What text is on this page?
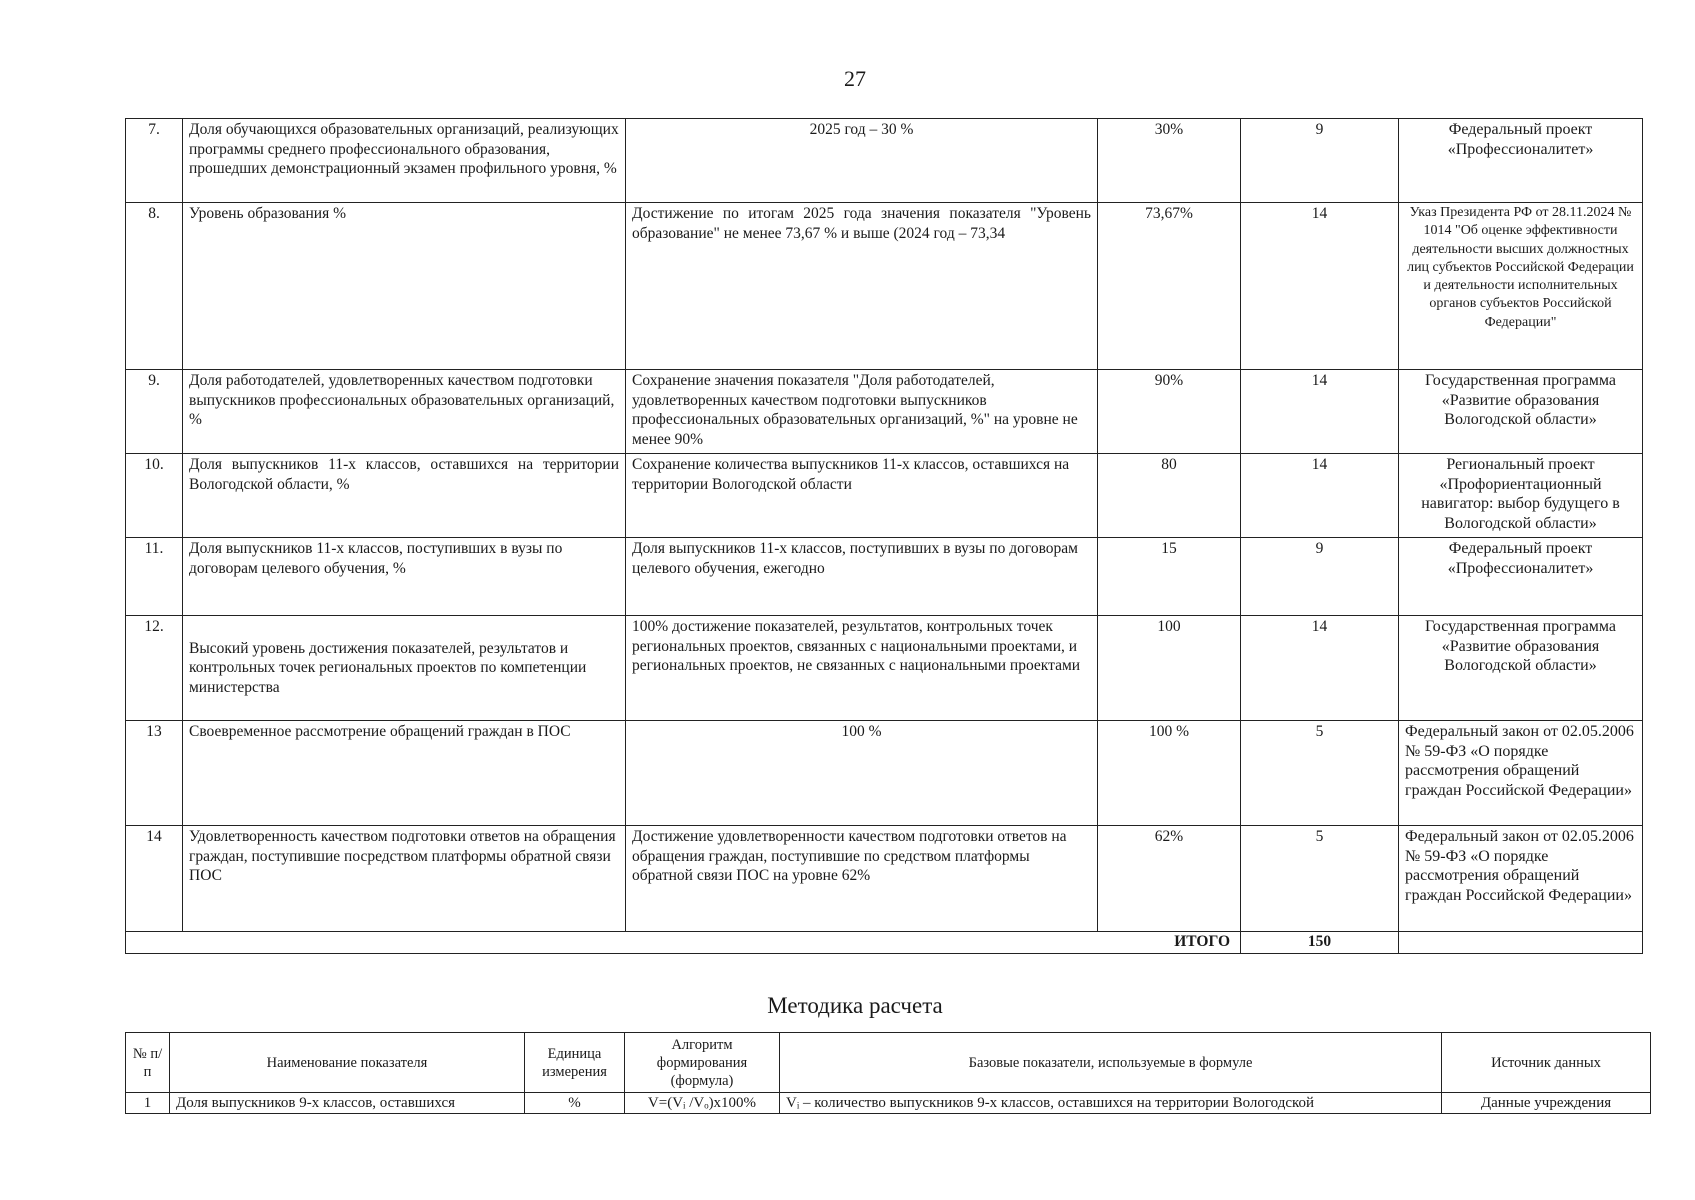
27
7.	Доля обучающихся образовательных организаций, реализующих программы среднего профессионального образования, прошедших демонстрационный экзамен профильного уровня, %	2025 год – 30 %	30%	9	Федеральный проект «Профессионалитет»
8.	Уровень образования %	Достижение по итогам 2025 года значения показателя "Уровень образование" не менее 73,67 % и выше (2024 год – 73,34	73,67%	14	Указ Президента РФ от 28.11.2024 № 1014 "Об оценке эффективности деятельности высших должностных лиц субъектов Российской Федерации и деятельности исполнительных органов субъектов Российской Федерации"
9.	Доля работодателей, удовлетворенных качеством подготовки выпускников профессиональных образовательных организаций, %	Сохранение значения показателя "Доля работодателей, удовлетворенных качеством подготовки выпускников профессиональных образовательных организаций, %" на уровне не менее 90%	90%	14	Государственная программа «Развитие образования Вологодской области»
10.	Доля выпускников 11-х классов, оставшихся на территории Вологодской области, %	Сохранение количества выпускников 11-х классов, оставшихся на территории Вологодской области	80	14	Региональный проект «Профориентационный навигатор: выбор будущего в Вологодской области»
11.	Доля выпускников 11-х классов, поступивших в вузы по договорам целевого обучения, %	Доля выпускников 11-х классов, поступивших в вузы по договорам целевого обучения, ежегодно	15	9	Федеральный проект «Профессионалитет»
12.	Высокий уровень достижения показателей, результатов и контрольных точек региональных проектов по компетенции министерства	100% достижение показателей, результатов, контрольных точек региональных проектов, связанных с национальными проектами, и региональных проектов, не связанных с национальными проектами	100	14	Государственная программа «Развитие образования Вологодской области»
13	Своевременное рассмотрение обращений граждан в ПОС	100 %	100 %	5	Федеральный закон от 02.05.2006 № 59-ФЗ «О порядке рассмотрения обращений граждан Российской Федерации»
14	Удовлетворенность качеством подготовки ответов на обращения граждан, поступившие посредством платформы обратной связи ПОС	Достижение удовлетворенности качеством подготовки ответов на обращения граждан, поступившие по средством платформы обратной связи ПОС на уровне 62%	62%	5	Федеральный закон от 02.05.2006 № 59-ФЗ «О порядке рассмотрения обращений граждан Российской Федерации»
ИТОГО				150	
Методика расчета
№ п/ п	Наименование показателя	Единица измерения	Алгоритм формирования (формула)	Базовые показатели, используемые в формуле	Источник данных
1	Доля выпускников 9-х классов, оставшихся	%	V=(Vᵢ /Vₒ)х100%	Vᵢ – количество выпускников 9-х классов, оставшихся на территории Вологодской	Данные учреждения
